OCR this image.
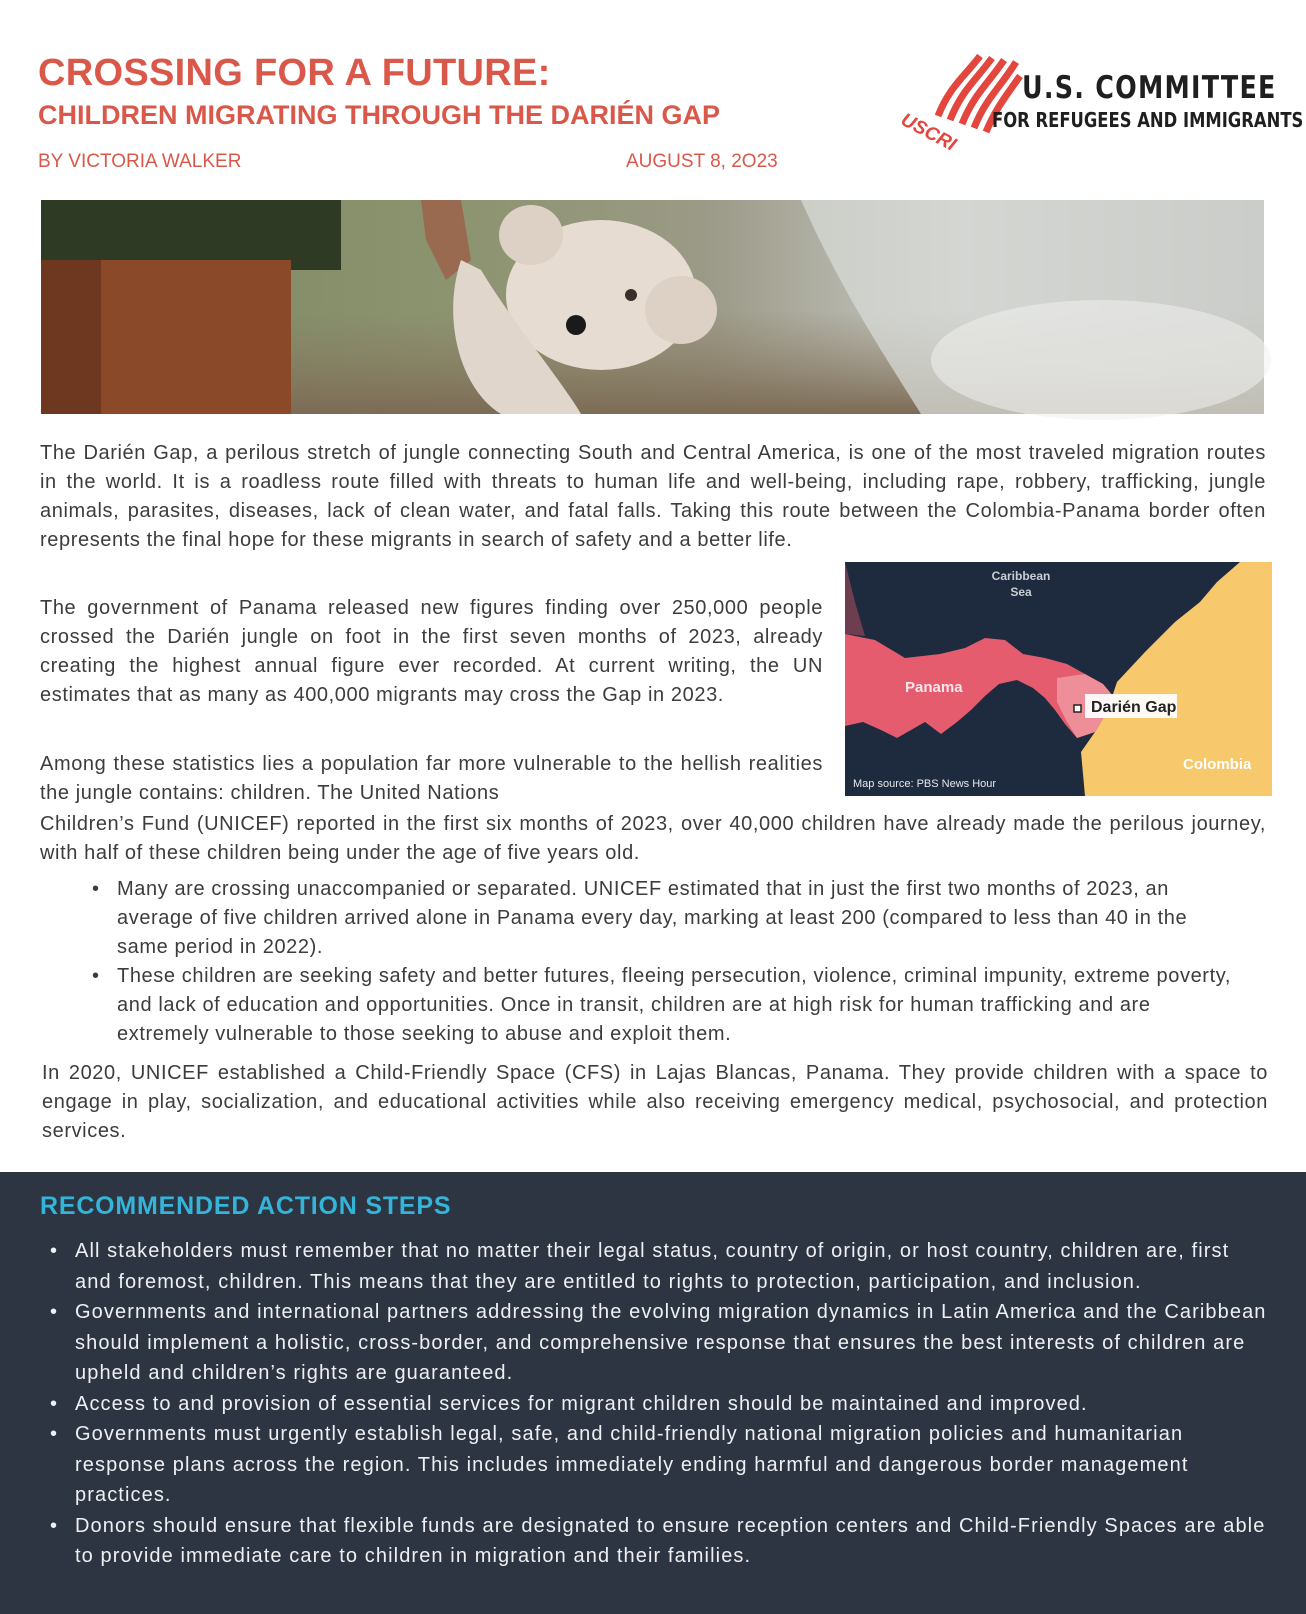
CROSSING FOR A FUTURE:
CHILDREN MIGRATING THROUGH THE DARIÉN GAP
BY VICTORIA WALKER	AUGUST 8, 2O23
USCRI
U.S. COMMITTEE
FOR REFUGEES AND IMMIGRANTS
The Darién Gap, a perilous stretch of jungle connecting South and Central America, is one of the most traveled migration routes in the world. It is a roadless route filled with threats to human life and well-being, including rape, robbery, trafficking, jungle animals, parasites, diseases, lack of clean water, and fatal falls. Taking this route between the Colombia-Panama border often represents the final hope for these migrants in search of safety and a better life.
The government of Panama released new figures finding over 250,000 people crossed the Darién jungle on foot in the first seven months of 2023, already creating the highest annual figure ever recorded. At current writing, the UN estimates that as many as 400,000 migrants may cross the Gap in 2023.
Among these statistics lies a population far more vulnerable to the hellish realities the jungle contains: children. The United Nations
Children’s Fund (UNICEF) reported in the first six months of 2023, over 40,000 children have already made the perilous journey, with half of these children being under the age of five years old.
Caribbean
Sea
Panama
Darién Gap
Colombia
Map source: PBS News Hour
• Many are crossing unaccompanied or separated. UNICEF estimated that in just the first two months of 2023, an average of five children arrived alone in Panama every day, marking at least 200 (compared to less than 40 in the same period in 2022).
• These children are seeking safety and better futures, fleeing persecution, violence, criminal impunity, extreme poverty, and lack of education and opportunities. Once in transit, children are at high risk for human trafficking and are extremely vulnerable to those seeking to abuse and exploit them.
In 2020, UNICEF established a Child-Friendly Space (CFS) in Lajas Blancas, Panama. They provide children with a space to engage in play, socialization, and educational activities while also receiving emergency medical, psychosocial, and protection services.
RECOMMENDED ACTION STEPS
• All stakeholders must remember that no matter their legal status, country of origin, or host country, children are, first and foremost, children. This means that they are entitled to rights to protection, participation, and inclusion.
• Governments and international partners addressing the evolving migration dynamics in Latin America and the Caribbean should implement a holistic, cross-border, and comprehensive response that ensures the best interests of children are upheld and children’s rights are guaranteed.
• Access to and provision of essential services for migrant children should be maintained and improved.
• Governments must urgently establish legal, safe, and child-friendly national migration policies and humanitarian response plans across the region. This includes immediately ending harmful and dangerous border management practices.
• Donors should ensure that flexible funds are designated to ensure reception centers and Child-Friendly Spaces are able to provide immediate care to children in migration and their families.
